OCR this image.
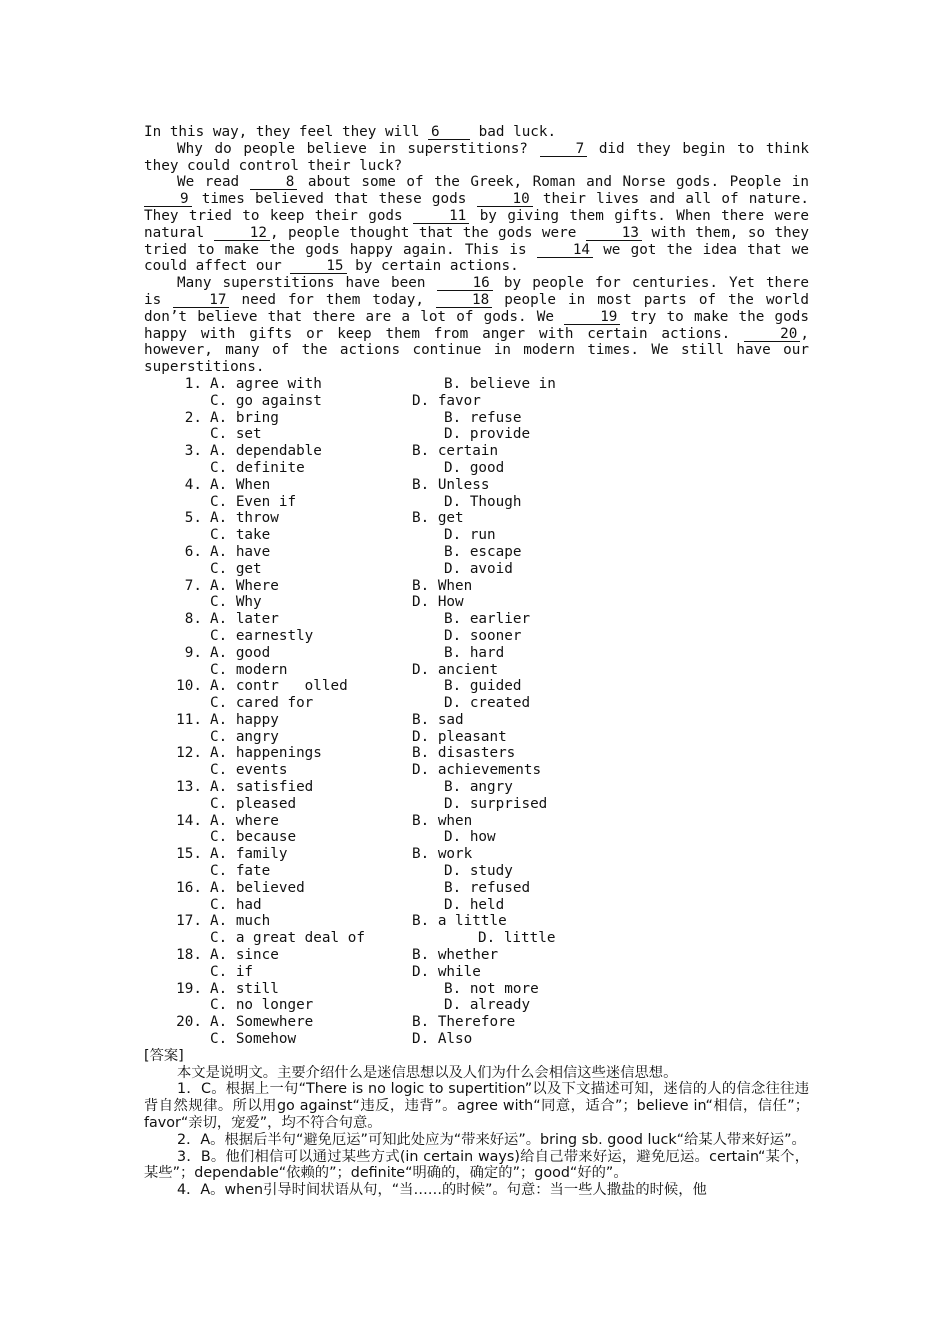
In this way, they feel they will 6 bad luck.

Why do people believe in superstitions?	7 did they begin to think they could control their luck?

We read	8 about some of the Greek, Roman and Norse gods. People in 9 times believed that these gods	10 their lives and all of nature. They tried to keep their gods	11 by giving them gifts. When there were natural	12 , people thought that the gods were	13 with them, so they tried to make the gods happy again. This is	14 we got the idea that we could affect our	15 by certain actions.

Many superstitions have been	16 by people for centuries. Yet there is	17 need for them today,	18 people in most parts of the world don’t believe that there are a lot of gods. We	19 try to make the gods happy with gifts or keep them from anger with certain actions.	20 , however, many of the actions continue in modern times. We still have our superstitions.

1. A. agree with	B. believe in
C. go against	D. favor
2. A. bring	B. refuse
C. set	D. provide
3. A. dependable	B. certain
C. definite	D. good
4. A. When	B. Unless
C. Even if	D. Though
5. A. throw	B. get
C. take	D. run
6. A. have	B. escape
C. get	D. avoid
7. A. Where	B. When
C. Why	D. How
8. A. later	B. earlier
C. earnestly	D. sooner
9. A. good	B. hard
C. modern	D. ancient
10. A. contr   olled	B. guided
C. cared for	D. created
11. A. happy	B. sad
C. angry	D. pleasant
12. A. happenings	B. disasters
C. events	D. achievements
13. A. satisfied	B. angry
C. pleased	D. surprised
14. A. where	B. when
C. because	D. how
15. A. family	B. work
C. fate	D. study
16. A. believed	B. refused
C. had	D. held
17. A. much	B. a little
C. a great deal of	D. little
18. A. since	B. whether
C. if	D. while
19. A. still	B. not more
C. no longer	D. already
20. A. Somewhere	B. Therefore
C. Somehow	D. Also
[答案]

本文是说明文。主要介绍什么是迷信思想以及人们为什么会相信这些迷信思想。

1．C。根据上一句“There is no logic to supertition”以及下文描述可知，迷信的人的信念往往违背自然规律。所以用go against“违反，违背”。agree with“同意，适合”；believe in“相信，信任”；favor“亲切，宠爱”，均不符合句意。

2．A。根据后半句“避免厄运”可知此处应为“带来好运”。bring sb. good luck“给某人带来好运”。

3．B。他们相信可以通过某些方式(in certain ways)给自己带来好运，避免厄运。certain“某个，某些”；dependable“依赖的”；definite“明确的，确定的”；good“好的”。

4．A。when引导时间状语从句，“当……的时候”。句意：当一些人撒盐的时候，他
